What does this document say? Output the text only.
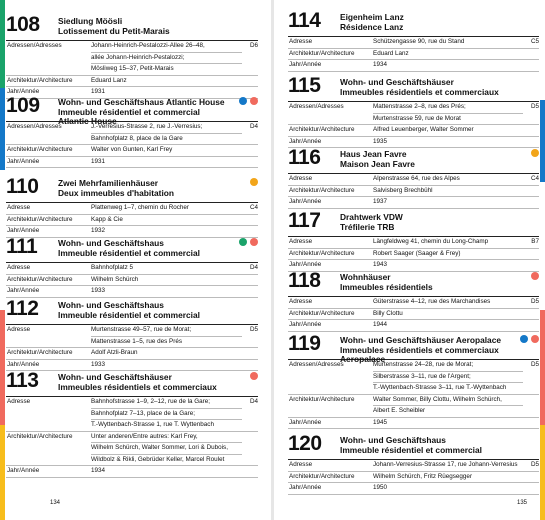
108	Siedlung Möösli
Lotissement du Petit-Marais
Adressen/Adresses	Johann-Heinrich-Pestalozzi-Allee 26–48,
allée Johann-Heinrich-Pestalozzi;
Mösliweg 15–37, Petit-Marais
D6
Architektur/Architecture	Eduard Lanz
Jahr/Année	1931
109	Wohn- und Geschäftshaus Atlantic House
Immeuble résidentiel et commercial
Atlantic House
Adressen/Adresses	J.-Verresius-Strasse 2, rue J.-Verresius;
Bahnhofplatz 8, place de la Gare
D4
Architektur/Architecture	Walter von Gunten, Karl Frey
Jahr/Année	1931
110	Zwei Mehrfamilienhäuser
Deux immeubles d'habitation
Adresse	Plattenweg 1–7, chemin du Rocher	C4
Architektur/Architecture	Kapp & Cie
Jahr/Année	1932
111	Wohn- und Geschäftshaus
Immeuble résidentiel et commercial
Adresse	Bahnhofplatz 5	D4
Architektur/Architecture	Wilhelm Schürch
Jahr/Année	1933
112	Wohn- und Geschäftshaus
Immeuble résidentiel et commercial
Adresse	Murtenstrasse 49–57, rue de Morat;
Mattenstrasse 1–5, rue des Prés
D5
Architektur/Architecture	Adolf Atzli-Braun
Jahr/Année	1933
113	Wohn- und Geschäftshäuser
Immeubles résidentiels et commerciaux
Adresse	Bahnhofstrasse 1–9, 2–12, rue de la Gare;
Bahnhofplatz 7–13, place de la Gare;
T.-Wyttenbach-Strasse 1, rue T. Wyttenbach
D4
Architektur/Architecture	Unter anderen/Entre autres: Karl Frey,
Wilhelm Schürch, Walter Sommer, Lori & Dubois,
Wildbolz & Rikli, Gebrüder Keller, Marcel Roulet
Jahr/Année	1934
134
114	Eigenheim Lanz
Résidence Lanz
Adresse	Schützengasse 90, rue du Stand	C5
Architektur/Architecture	Eduard Lanz
Jahr/Année	1934
115	Wohn- und Geschäftshäuser
Immeubles résidentiels et commerciaux
Adressen/Adresses	Mattenstrasse 2–8, rue des Prés;
Murtenstrasse 59, rue de Morat
D5
Architektur/Architecture	Alfred Leuenberger, Walter Sommer
Jahr/Année	1935
116	Haus Jean Favre
Maison Jean Favre
Adresse	Alpenstrasse 64, rue des Alpes	C4
Architektur/Architecture	Salvisberg Brechbühl
Jahr/Année	1937
117	Drahtwerk VDW
Tréfilerie TRB
Adresse	Längfeldweg 41, chemin du Long-Champ	B7
Architektur/Architecture	Robert Saager (Saager & Frey)
Jahr/Année	1943
118	Wohnhäuser
Immeubles résidentiels
Adresse	Güterstrasse 4–12, rue des Marchandises	D5
Architektur/Architecture	Billy Clottu
Jahr/Année	1944
119	Wohn- und Geschäftshäuser Aeropalace
Immeubles résidentiels et commerciaux
Aeropalace
Adressen/Adresses	Murtenstrasse 24–28, rue de Morat;
Silberstrasse 3–11, rue de l'Argent;
T.-Wyttenbach-Strasse 3–11, rue T.-Wyttenbach
D5
Architektur/Architecture	Walter Sommer, Billy Clottu, Wilhelm Schürch,
Albert E. Scheibler
Jahr/Année	1945
120	Wohn- und Geschäftshaus
Immeuble résidentiel et commercial
Adresse	Johann-Verresius-Strasse 17, rue Johann-Verresius	D5
Architektur/Architecture	Wilhelm Schürch, Fritz Rüegsegger
Jahr/Année	1950
135
